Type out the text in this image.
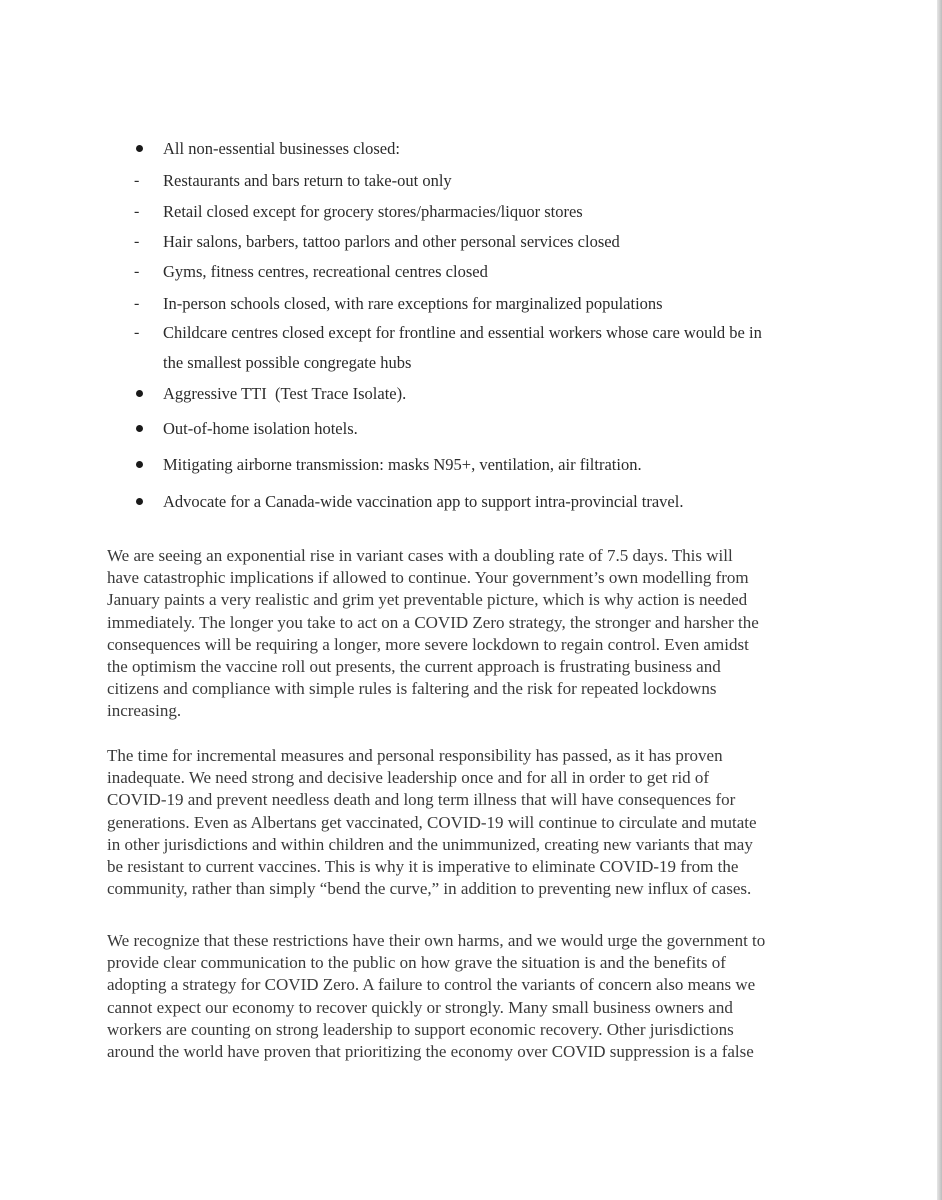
All non-essential businesses closed:
-	Restaurants and bars return to take-out only
-	Retail closed except for grocery stores/pharmacies/liquor stores
-	Hair salons, barbers, tattoo parlors and other personal services closed
-	Gyms, fitness centres, recreational centres closed
-	In-person schools closed, with rare exceptions for marginalized populations
-	Childcare centres closed except for frontline and essential workers whose care would be in
the smallest possible congregate hubs
Aggressive TTI  (Test Trace Isolate).
Out-of-home isolation hotels.
Mitigating airborne transmission: masks N95+, ventilation, air filtration.
Advocate for a Canada-wide vaccination app to support intra-provincial travel.

We are seeing an exponential rise in variant cases with a doubling rate of 7.5 days. This will
have catastrophic implications if allowed to continue. Your government’s own modelling from
January paints a very realistic and grim yet preventable picture, which is why action is needed
immediately. The longer you take to act on a COVID Zero strategy, the stronger and harsher the
consequences will be requiring a longer, more severe lockdown to regain control. Even amidst
the optimism the vaccine roll out presents, the current approach is frustrating business and
citizens and compliance with simple rules is faltering and the risk for repeated lockdowns
increasing.

The time for incremental measures and personal responsibility has passed, as it has proven
inadequate. We need strong and decisive leadership once and for all in order to get rid of
COVID-19 and prevent needless death and long term illness that will have consequences for
generations. Even as Albertans get vaccinated, COVID-19 will continue to circulate and mutate
in other jurisdictions and within children and the unimmunized, creating new variants that may
be resistant to current vaccines. This is why it is imperative to eliminate COVID-19 from the
community, rather than simply “bend the curve,” in addition to preventing new influx of cases.

We recognize that these restrictions have their own harms, and we would urge the government to
provide clear communication to the public on how grave the situation is and the benefits of
adopting a strategy for COVID Zero. A failure to control the variants of concern also means we
cannot expect our economy to recover quickly or strongly. Many small business owners and
workers are counting on strong leadership to support economic recovery. Other jurisdictions
around the world have proven that prioritizing the economy over COVID suppression is a false
